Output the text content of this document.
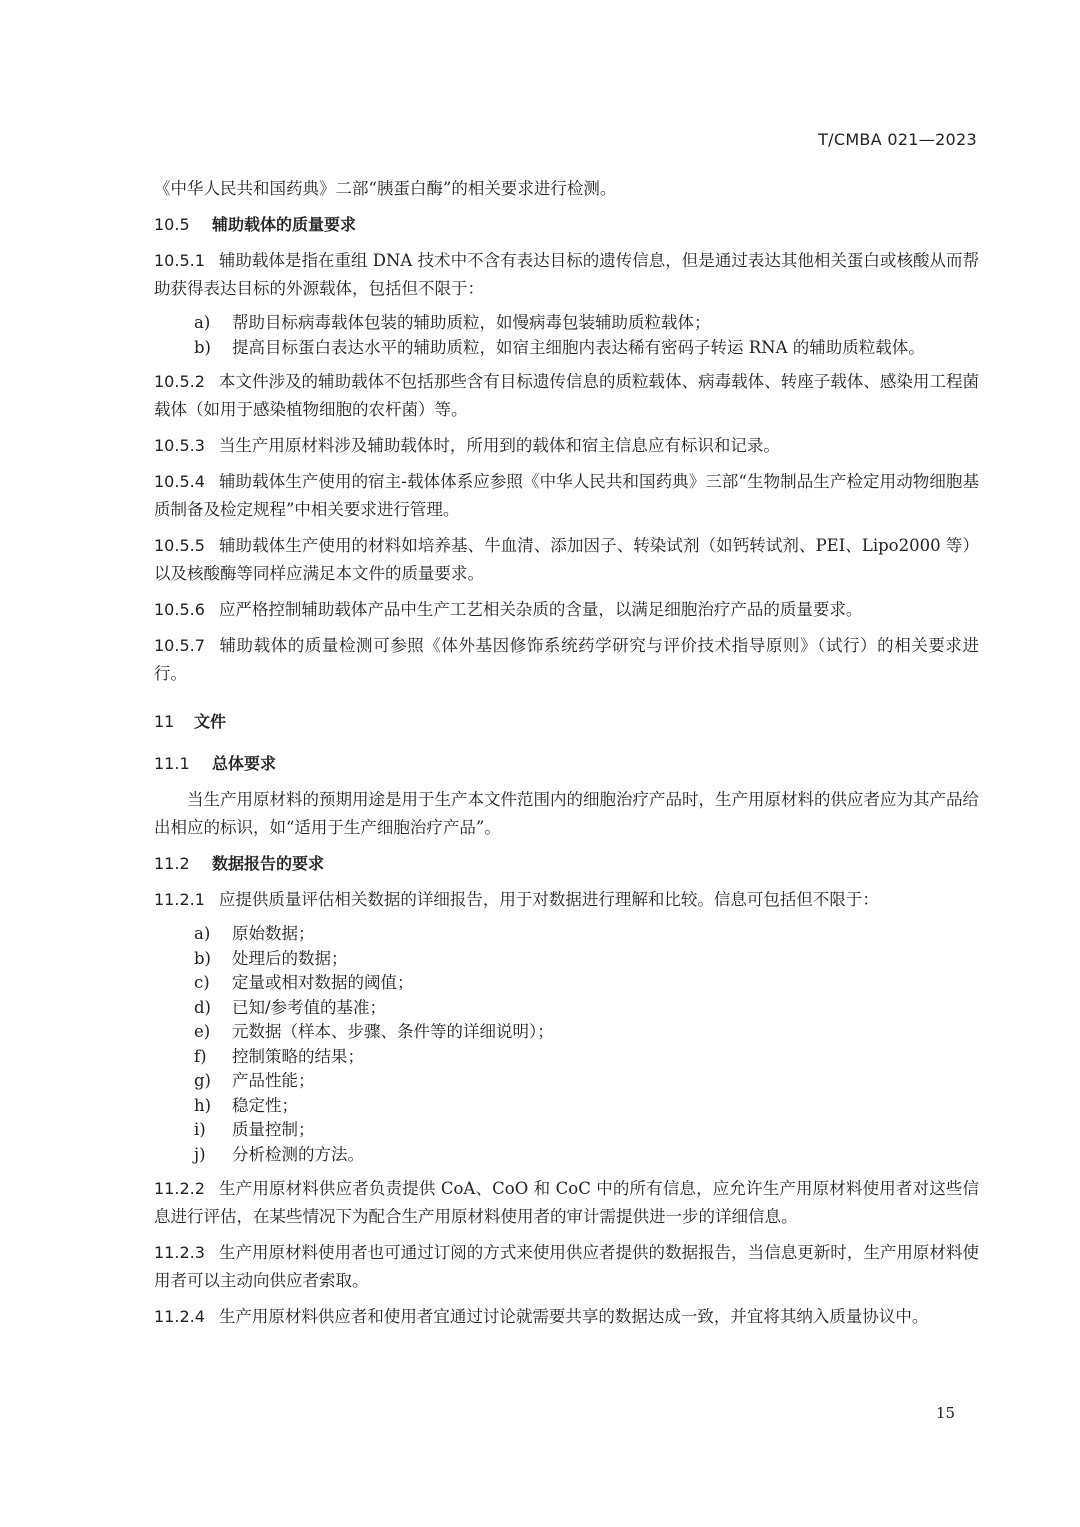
T/CMBA 021—2023

《中华人民共和国药典》二部“胰蛋白酶”的相关要求进行检测。

10.5 辅助载体的质量要求

10.5.1 辅助载体是指在重组 DNA 技术中不含有表达目标的遗传信息，但是通过表达其他相关蛋白或核酸从而帮助获得表达目标的外源载体，包括但不限于：

a)	帮助目标病毒载体包装的辅助质粒，如慢病毒包装辅助质粒载体；
b)	提高目标蛋白表达水平的辅助质粒，如宿主细胞内表达稀有密码子转运 RNA 的辅助质粒载体。

10.5.2 本文件涉及的辅助载体不包括那些含有目标遗传信息的质粒载体、病毒载体、转座子载体、感染用工程菌载体（如用于感染植物细胞的农杆菌）等。

10.5.3 当生产用原材料涉及辅助载体时，所用到的载体和宿主信息应有标识和记录。

10.5.4 辅助载体生产使用的宿主-载体体系应参照《中华人民共和国药典》三部“生物制品生产检定用动物细胞基质制备及检定规程”中相关要求进行管理。

10.5.5 辅助载体生产使用的材料如培养基、牛血清、添加因子、转染试剂（如钙转试剂、PEI、Lipo2000 等）以及核酸酶等同样应满足本文件的质量要求。

10.5.6 应严格控制辅助载体产品中生产工艺相关杂质的含量，以满足细胞治疗产品的质量要求。

10.5.7 辅助载体的质量检测可参照《体外基因修饰系统药学研究与评价技术指导原则》（试行）的相关要求进行。

11 文件
11.1 总体要求

当生产用原材料的预期用途是用于生产本文件范围内的细胞治疗产品时，生产用原材料的供应者应为其产品给出相应的标识，如“适用于生产细胞治疗产品”。

11.2 数据报告的要求

11.2.1 应提供质量评估相关数据的详细报告，用于对数据进行理解和比较。信息可包括但不限于：

a)	原始数据；
b)	处理后的数据；
c)	定量或相对数据的阈值；
d)	已知/参考值的基准；
e)	元数据（样本、步骤、条件等的详细说明）；
f)	控制策略的结果；
g)	产品性能；
h)	稳定性；
i)	质量控制；
j)	分析检测的方法。

11.2.2 生产用原材料供应者负责提供 CoA、CoO 和 CoC 中的所有信息，应允许生产用原材料使用者对这些信息进行评估，在某些情况下为配合生产用原材料使用者的审计需提供进一步的详细信息。

11.2.3 生产用原材料使用者也可通过订阅的方式来使用供应者提供的数据报告，当信息更新时，生产用原材料使用者可以主动向供应者索取。

11.2.4 生产用原材料供应者和使用者宜通过讨论就需要共享的数据达成一致，并宜将其纳入质量协议中。

15
